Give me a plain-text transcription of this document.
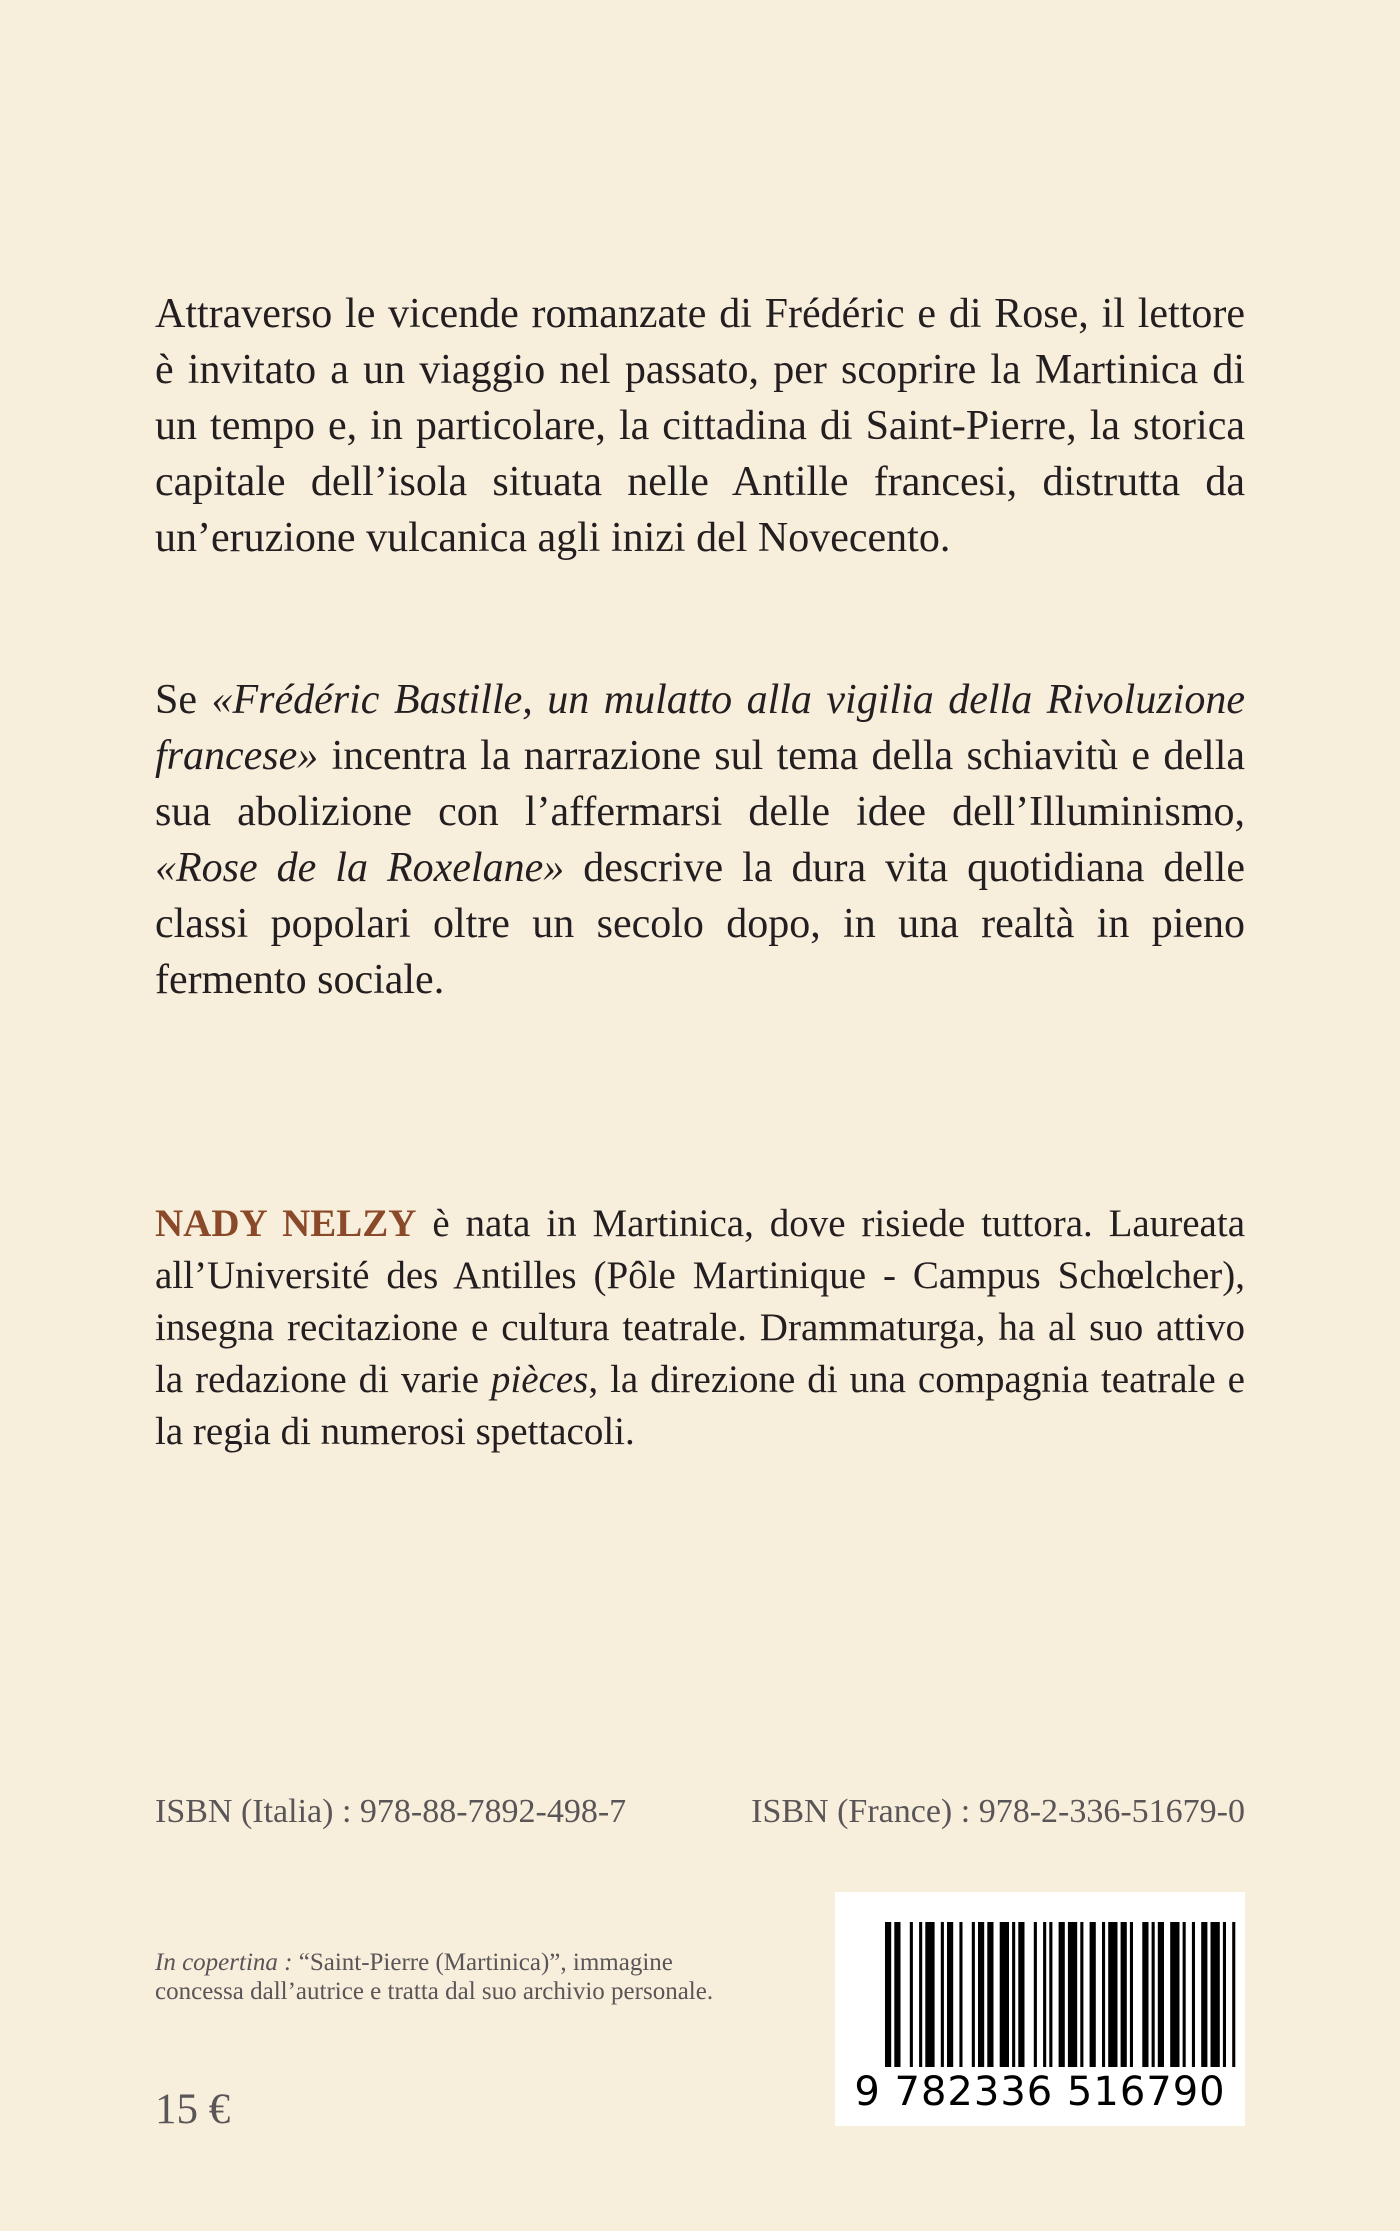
Attraverso le vicende romanzate di Frédéric e di Rose, il lettore è invitato a un viaggio nel passato, per scoprire la Martinica di un tempo e, in particolare, la cittadina di Saint-Pierre, la storica capitale dell’isola situata nelle Antille francesi, distrutta da un’eruzione vulcanica agli inizi del Novecento.

Se «Frédéric Bastille, un mulatto alla vigilia della Rivoluzione francese» incentra la narrazione sul tema della schiavitù e della sua abolizione con l’affermarsi delle idee dell’Illuminismo, «Rose de la Roxelane» descrive la dura vita quotidiana delle classi popolari oltre un secolo dopo, in una realtà in pieno fermento sociale.

NADY NELZY è nata in Martinica, dove risiede tuttora. Laureata all’Université des Antilles (Pôle Martinique - Campus Schœlcher), insegna recitazione e cultura teatrale. Drammaturga, ha al suo attivo la redazione di varie pièces, la direzione di una compagnia teatrale e la regia di numerosi spettacoli.

ISBN (Italia) : 978-88-7892-498-7	ISBN (France) : 978-2-336-51679-0

In copertina : “Saint-Pierre (Martinica)”, immagine concessa dall’autrice e tratta dal suo archivio personale.

15 €	9 782336 516790
